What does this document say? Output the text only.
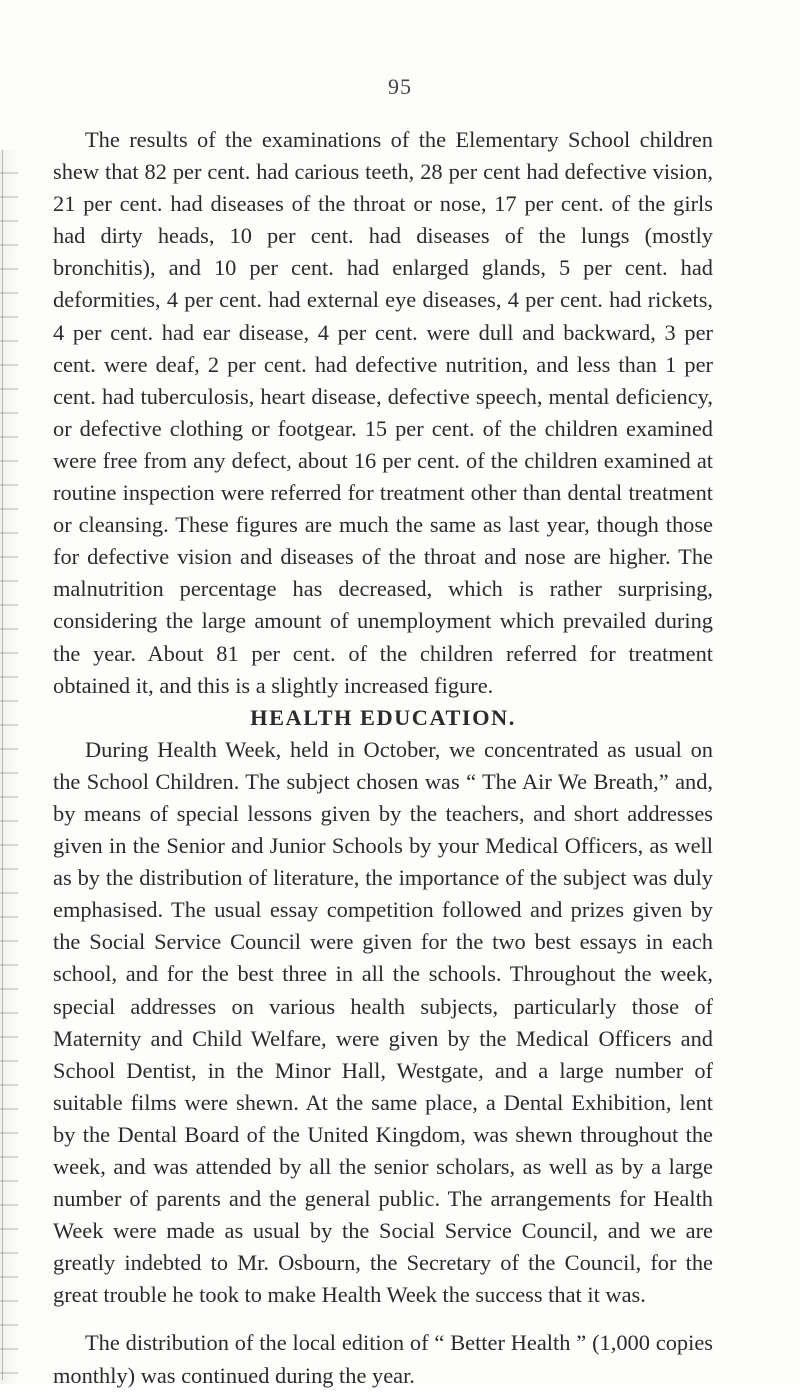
95

The results of the examinations of the Elementary School children shew that 82 per cent. had carious teeth, 28 per cent had defective vision, 21 per cent. had diseases of the throat or nose, 17 per cent. of the girls had dirty heads, 10 per cent. had diseases of the lungs (mostly bronchitis), and 10 per cent. had enlarged glands, 5 per cent. had deformities, 4 per cent. had external eye diseases, 4 per cent. had rickets, 4 per cent. had ear disease, 4 per cent. were dull and backward, 3 per cent. were deaf, 2 per cent. had defective nutrition, and less than 1 per cent. had tuberculosis, heart disease, defective speech, mental deficiency, or defective clothing or footgear. 15 per cent. of the children examined were free from any defect, about 16 per cent. of the children examined at routine inspection were referred for treatment other than dental treatment or cleansing. These figures are much the same as last year, though those for defective vision and diseases of the throat and nose are higher. The malnutrition percentage has decreased, which is rather surprising, considering the large amount of unemployment which prevailed during the year. About 81 per cent. of the children referred for treatment obtained it, and this is a slightly increased figure.

HEALTH EDUCATION.

During Health Week, held in October, we concentrated as usual on the School Children. The subject chosen was “ The Air We Breath,” and, by means of special lessons given by the teachers, and short addresses given in the Senior and Junior Schools by your Medical Officers, as well as by the distribution of literature, the importance of the subject was duly emphasised. The usual essay competition followed and prizes given by the Social Service Council were given for the two best essays in each school, and for the best three in all the schools. Throughout the week, special addresses on various health subjects, particularly those of Maternity and Child Welfare, were given by the Medical Officers and School Dentist, in the Minor Hall, Westgate, and a large number of suitable films were shewn. At the same place, a Dental Exhibition, lent by the Dental Board of the United Kingdom, was shewn throughout the week, and was attended by all the senior scholars, as well as by a large number of parents and the general public. The arrangements for Health Week were made as usual by the Social Service Council, and we are greatly indebted to Mr. Osbourn, the Secretary of the Council, for the great trouble he took to make Health Week the success that it was.

The distribution of the local edition of “ Better Health ” (1,000 copies monthly) was continued during the year.
